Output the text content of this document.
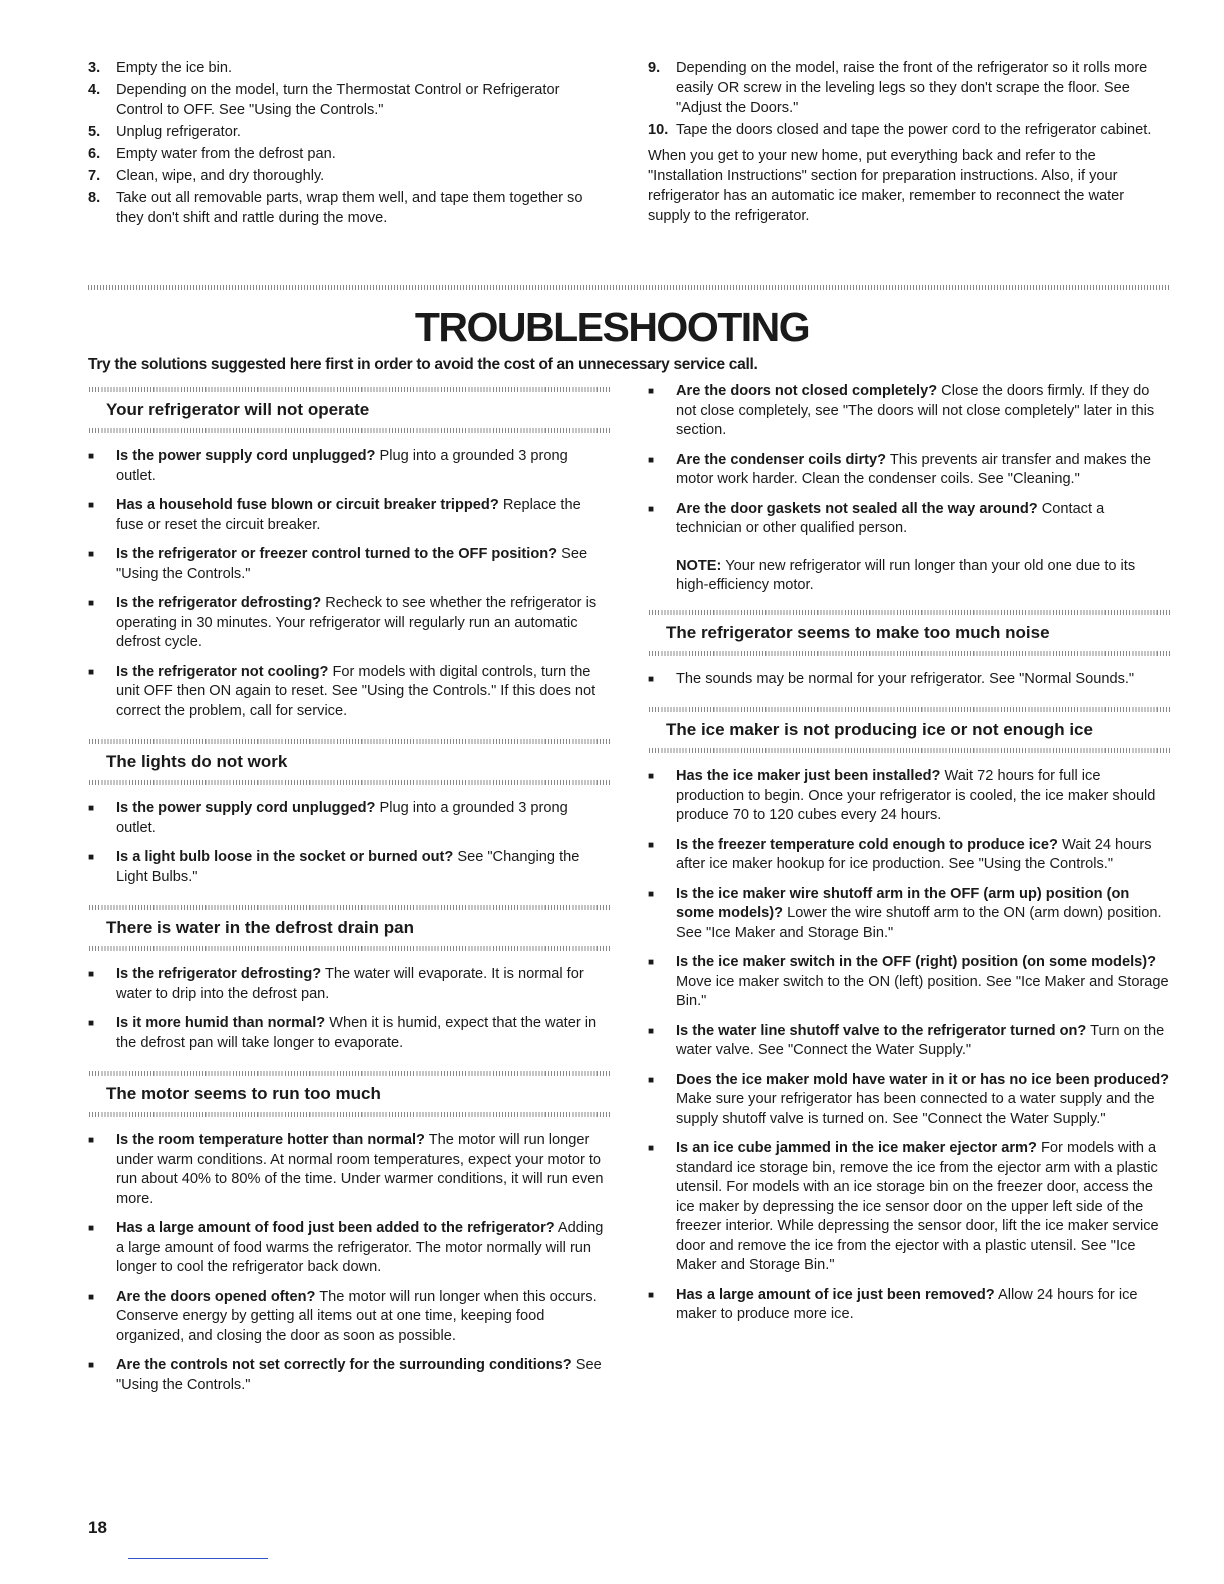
3.	Empty the ice bin.
4.	Depending on the model, turn the Thermostat Control or Refrigerator Control to OFF. See "Using the Controls."
5.	Unplug refrigerator.
6.	Empty water from the defrost pan.
7.	Clean, wipe, and dry thoroughly.
8.	Take out all removable parts, wrap them well, and tape them together so they don't shift and rattle during the move.
9.	Depending on the model, raise the front of the refrigerator so it rolls more easily OR screw in the leveling legs so they don't scrape the floor. See "Adjust the Doors."
10. Tape the doors closed and tape the power cord to the refrigerator cabinet.
When you get to your new home, put everything back and refer to the "Installation Instructions" section for preparation instructions. Also, if your refrigerator has an automatic ice maker, remember to reconnect the water supply to the refrigerator.
TROUBLESHOOTING
Try the solutions suggested here first in order to avoid the cost of an unnecessary service call.
Your refrigerator will not operate
■	Is the power supply cord unplugged? Plug into a grounded 3 prong outlet.
■	Has a household fuse blown or circuit breaker tripped? Replace the fuse or reset the circuit breaker.
■	Is the refrigerator or freezer control turned to the OFF position? See "Using the Controls."
■	Is the refrigerator defrosting? Recheck to see whether the refrigerator is operating in 30 minutes. Your refrigerator will regularly run an automatic defrost cycle.
■	Is the refrigerator not cooling? For models with digital controls, turn the unit OFF then ON again to reset. See "Using the Controls." If this does not correct the problem, call for service.
The lights do not work
■	Is the power supply cord unplugged? Plug into a grounded 3 prong outlet.
■	Is a light bulb loose in the socket or burned out? See "Changing the Light Bulbs."
There is water in the defrost drain pan
■	Is the refrigerator defrosting? The water will evaporate. It is normal for water to drip into the defrost pan.
■	Is it more humid than normal? When it is humid, expect that the water in the defrost pan will take longer to evaporate.
The motor seems to run too much
■	Is the room temperature hotter than normal? The motor will run longer under warm conditions. At normal room temperatures, expect your motor to run about 40% to 80% of the time. Under warmer conditions, it will run even more.
■	Has a large amount of food just been added to the refrigerator? Adding a large amount of food warms the refrigerator. The motor normally will run longer to cool the refrigerator back down.
■	Are the doors opened often? The motor will run longer when this occurs. Conserve energy by getting all items out at one time, keeping food organized, and closing the door as soon as possible.
■	Are the controls not set correctly for the surrounding conditions? See "Using the Controls."
■	Are the doors not closed completely? Close the doors firmly. If they do not close completely, see "The doors will not close completely" later in this section.
■	Are the condenser coils dirty? This prevents air transfer and makes the motor work harder. Clean the condenser coils. See "Cleaning."
■	Are the door gaskets not sealed all the way around? Contact a technician or other qualified person.
NOTE: Your new refrigerator will run longer than your old one due to its high-efficiency motor.
The refrigerator seems to make too much noise
■	The sounds may be normal for your refrigerator. See "Normal Sounds."
The ice maker is not producing ice or not enough ice
■	Has the ice maker just been installed? Wait 72 hours for full ice production to begin. Once your refrigerator is cooled, the ice maker should produce 70 to 120 cubes every 24 hours.
■	Is the freezer temperature cold enough to produce ice? Wait 24 hours after ice maker hookup for ice production. See "Using the Controls."
■	Is the ice maker wire shutoff arm in the OFF (arm up) position (on some models)? Lower the wire shutoff arm to the ON (arm down) position. See "Ice Maker and Storage Bin."
■	Is the ice maker switch in the OFF (right) position (on some models)? Move ice maker switch to the ON (left) position. See "Ice Maker and Storage Bin."
■	Is the water line shutoff valve to the refrigerator turned on? Turn on the water valve. See "Connect the Water Supply."
■	Does the ice maker mold have water in it or has no ice been produced? Make sure your refrigerator has been connected to a water supply and the supply shutoff valve is turned on. See "Connect the Water Supply."
■	Is an ice cube jammed in the ice maker ejector arm? For models with a standard ice storage bin, remove the ice from the ejector arm with a plastic utensil. For models with an ice storage bin on the freezer door, access the ice maker by depressing the ice sensor door on the upper left side of the freezer interior. While depressing the sensor door, lift the ice maker service door and remove the ice from the ejector with a plastic utensil. See "Ice Maker and Storage Bin."
■	Has a large amount of ice just been removed? Allow 24 hours for ice maker to produce more ice.
18
